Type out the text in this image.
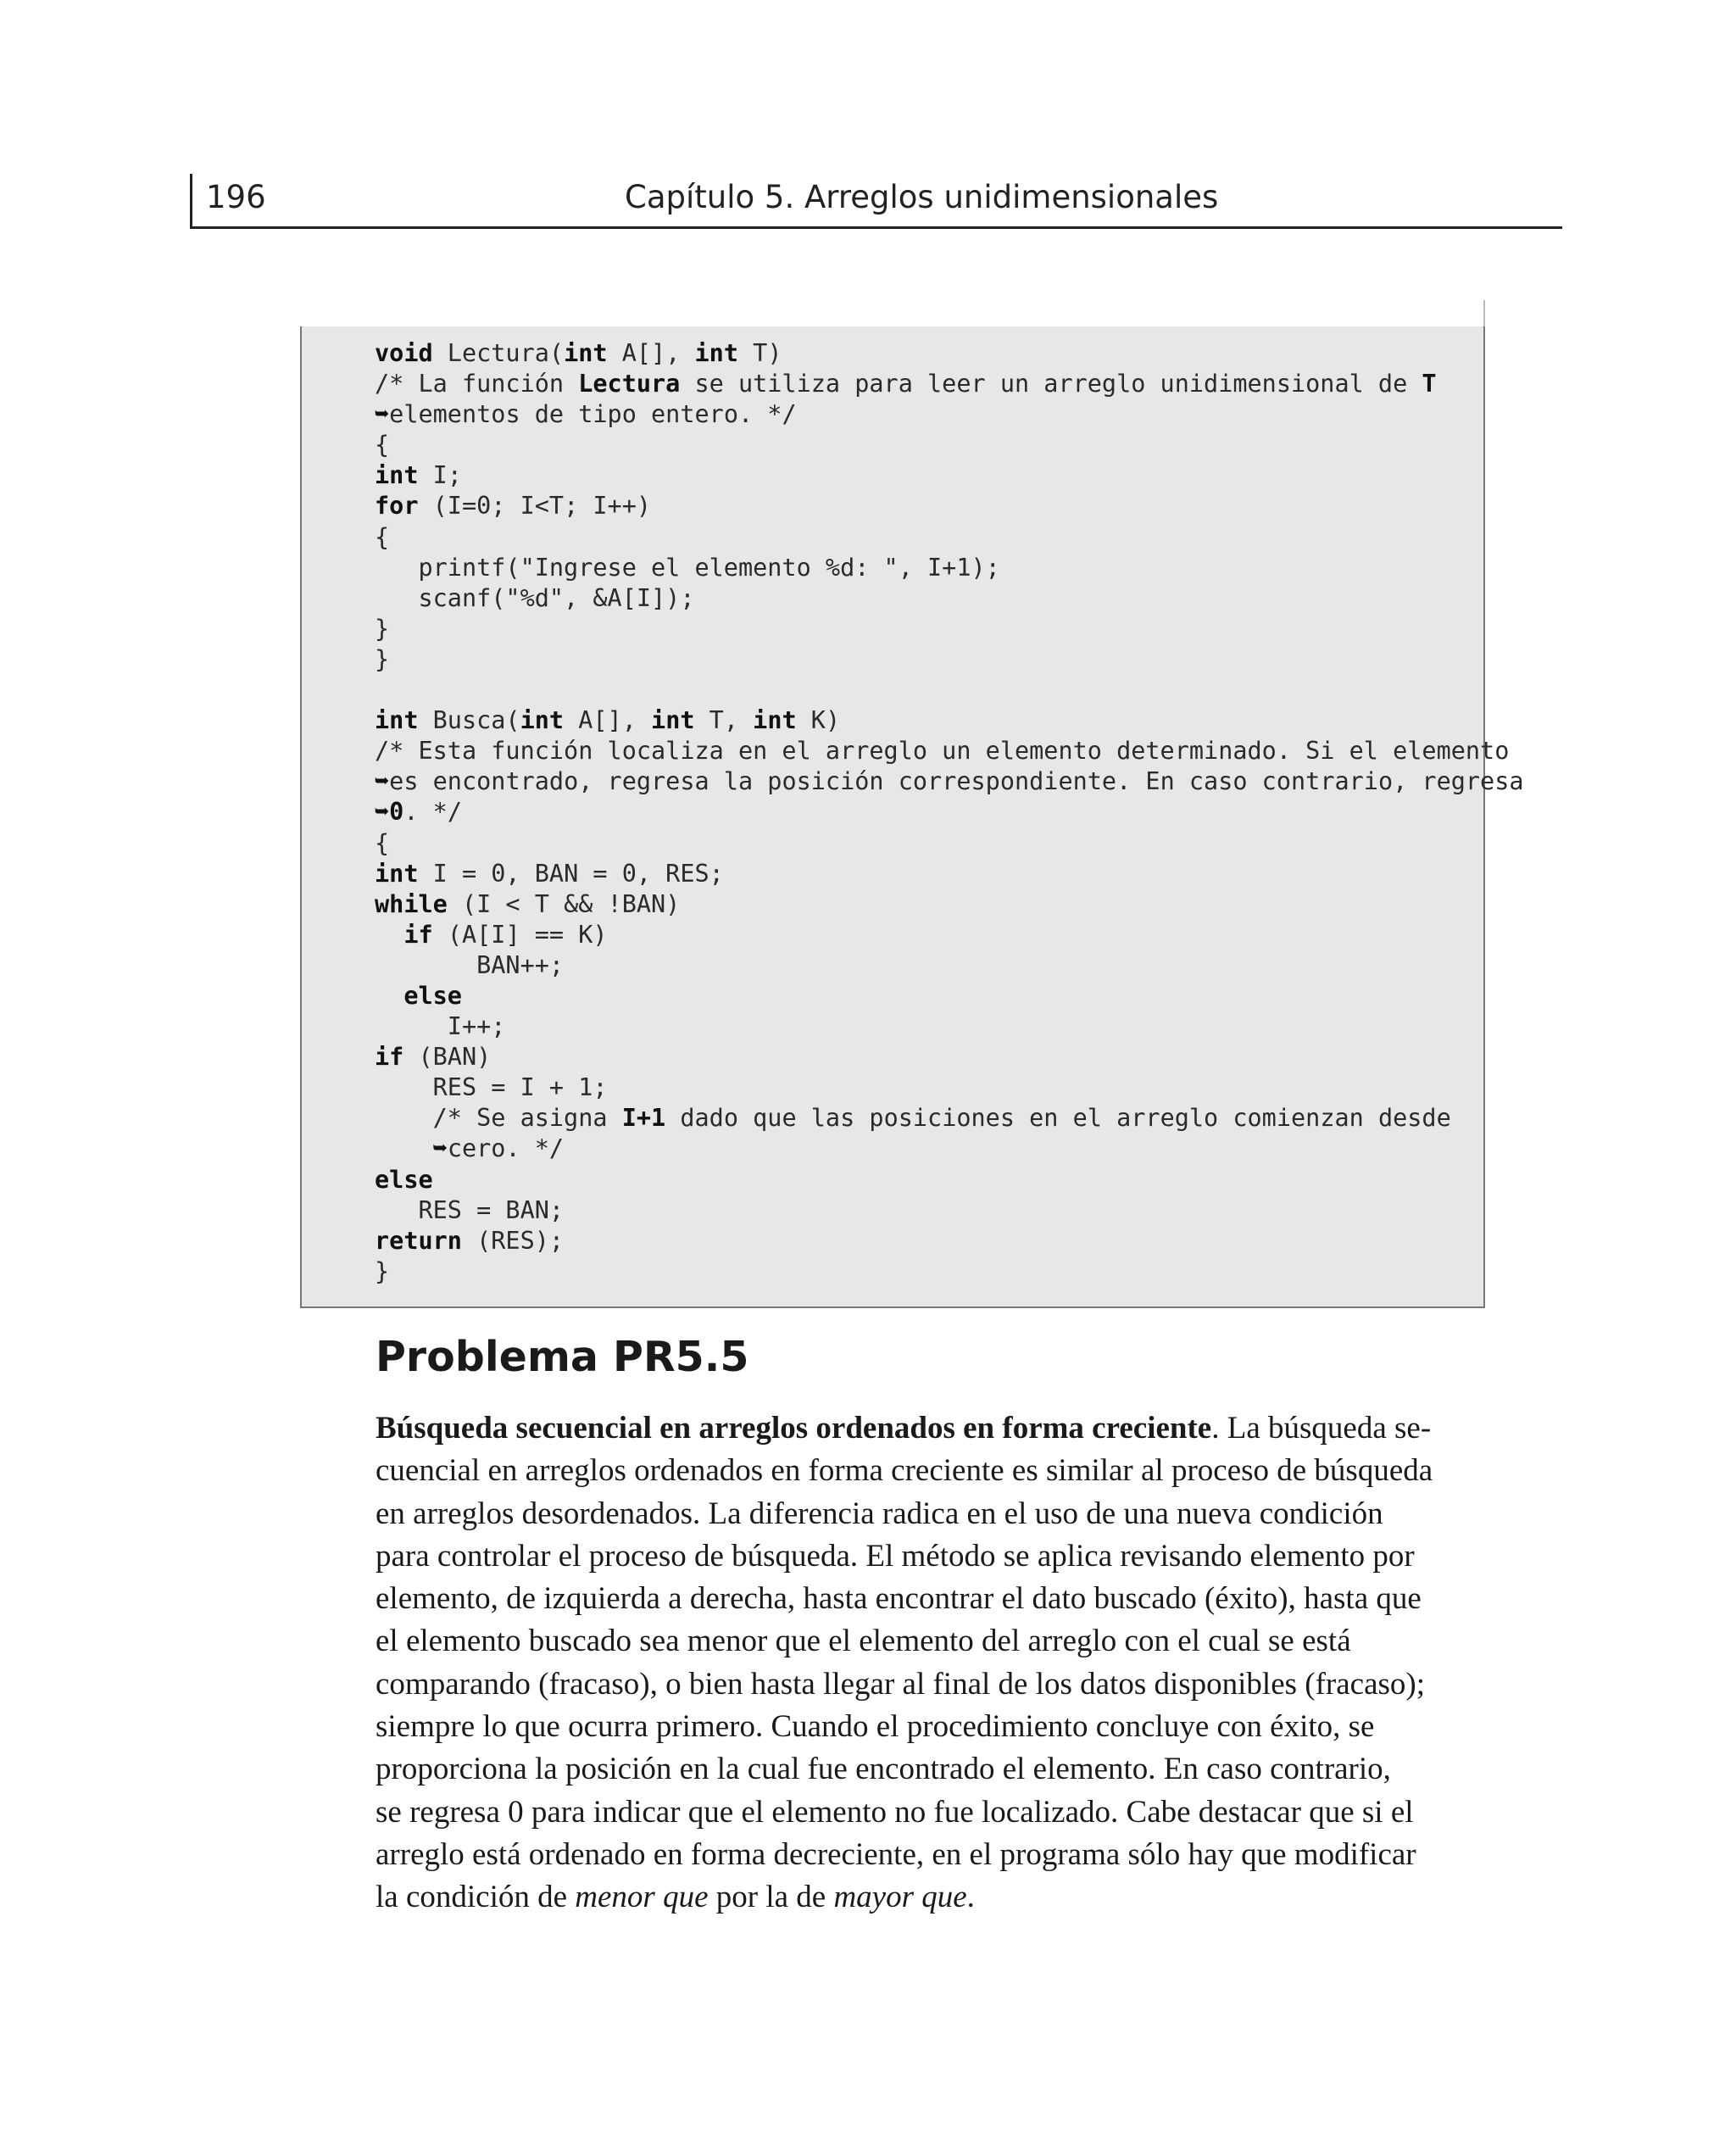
196	Capítulo 5. Arreglos unidimensionales
void Lectura(int A[], int T)
/* La función Lectura se utiliza para leer un arreglo unidimensional de T
➥elementos de tipo entero. */
{
int I;
for (I=0; I<T; I++)
{
printf("Ingrese el elemento %d: ", I+1);
scanf("%d", &A[I]);
}
}

int Busca(int A[], int T, int K)
/* Esta función localiza en el arreglo un elemento determinado. Si el elemento
➥es encontrado, regresa la posición correspondiente. En caso contrario, regresa
➥0. */
{
int I = 0, BAN = 0, RES;
while (I < T && !BAN)
if (A[I] == K)
BAN++;
else
I++;
if (BAN)
RES = I + 1;
/* Se asigna I+1 dado que las posiciones en el arreglo comienzan desde
➥cero. */
else
RES = BAN;
return (RES);
}
Problema PR5.5

Búsqueda secuencial en arreglos ordenados en forma creciente. La búsqueda se-
cuencial en arreglos ordenados en forma creciente es similar al proceso de búsqueda
en arreglos desordenados. La diferencia radica en el uso de una nueva condición
para controlar el proceso de búsqueda. El método se aplica revisando elemento por
elemento, de izquierda a derecha, hasta encontrar el dato buscado (éxito), hasta que
el elemento buscado sea menor que el elemento del arreglo con el cual se está
comparando (fracaso), o bien hasta llegar al final de los datos disponibles (fracaso);
siempre lo que ocurra primero. Cuando el procedimiento concluye con éxito, se
proporciona la posición en la cual fue encontrado el elemento. En caso contrario,
se regresa 0 para indicar que el elemento no fue localizado. Cabe destacar que si el
arreglo está ordenado en forma decreciente, en el programa sólo hay que modificar
la condición de menor que por la de mayor que.
